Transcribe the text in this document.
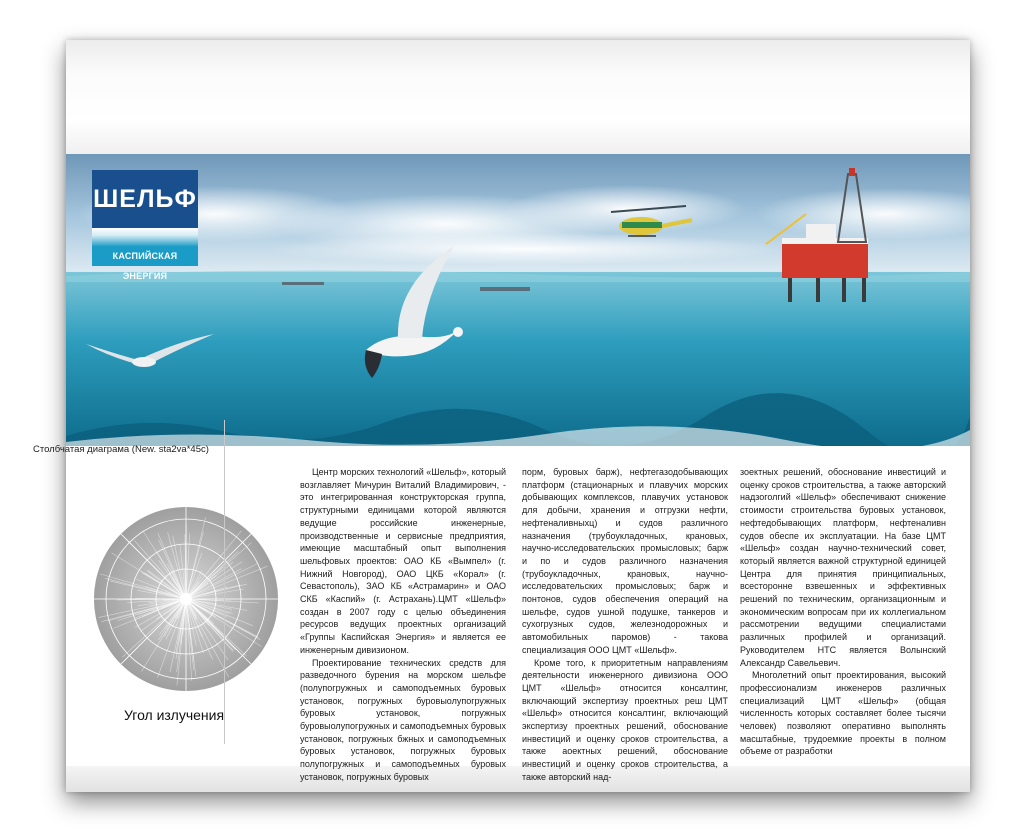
ШЕЛЬФ
КАСПИЙСКАЯ ЭНЕРГИЯ
Столбчатая диаграма (New. sta2va*45c)
Угол излучения

Центр морских технологий «Шельф», который возглавляет Мичурин Виталий Владимирович, - это интегрированная конструкторская группа, структурными единицами которой являются ведущие российские инженерные, производственные и сервисные предприятия, имеющие масштабный опыт выполнения шельфовых проектов: ОАО КБ «Вымпел» (г. Нижний Новгород), ОАО ЦКБ «Корал» (г. Севастополь), ЗАО КБ «Астрамарин» и ОАО СКБ «Каспий» (г. Астрахань).ЦМТ «Шельф» создан в 2007 году с целью объединения ресурсов ведущих проектных организаций «Группы Каспийская Энергия» и является ее инженерным дивизионом.

Проектирование технических средств для разведочного бурения на морском шельфе (полупогружных и самоподъемных буровых установок, погружных буровыолупогружных буровых установок, погружных буровыолупогружных и самоподъемных буровых установок, погружных бжных и самоподъемных буровых установок, погружных буровых полупогружных и самоподъемных буровых установок, погружных буровых

порм, буровых барж), нефтегазодобывающих платформ (стационарных и плавучих морских добывающих комплексов, плавучих установок для добычи, хранения и отгрузки нефти, нефтеналивныхц) и судов различного назначения (трубоукладочных, крановых, научно-исследовательских промысловых; барж и по и судов различного назначения (трубоукладочных, крановых, научно-исследовательских промысловых; барж и понтонов, судов обеспечения операций на шельфе, судов ушной подушке, танкеров и сухогрузных судов, железнодорожных и автомобильных паромов) - такова специализация ООО ЦМТ «Шельф».

Кроме того, к приоритетным направлениям деятельности инженерного дивизиона ООО ЦМТ «Шельф» относится консалтинг, включающий экспертизу проектных реш ЦМТ «Шельф» относится консалтинг, включающий экспертизу проектных решений, обоснование инвестиций и оценку сроков строительства, а также аоектных решений, обоснование инвестиций и оценку сроков строительства, а также авторский над-

зоектных решений, обоснование инвестиций и оценку сроков строительства, а также авторский надзоголгий «Шельф» обеспечивают снижение стоимости строительства буровых установок, нефтедобывающих платформ, нефтеналивн судов обеспе их эксплуатации. На базе ЦМТ «Шельф» создан научно-технический совет, который является важной структурной единицей Центра для принятия принципиальных, всесторонне взвешенных и эффективных решений по техническим, организационным и экономическим вопросам при их коллегиальном рассмотрении ведущими специалистами различных профилей и организаций. Руководителем НТС является Волынский Александр Савельевич.

Многолетний опыт проектирования, высокий профессионализм инженеров различных специализаций ЦМТ «Шельф» (общая численность которых составляет более тысячи человек) позволяют оперативно выполнять масштабные, трудоемкие проекты в полном объеме от разработки
